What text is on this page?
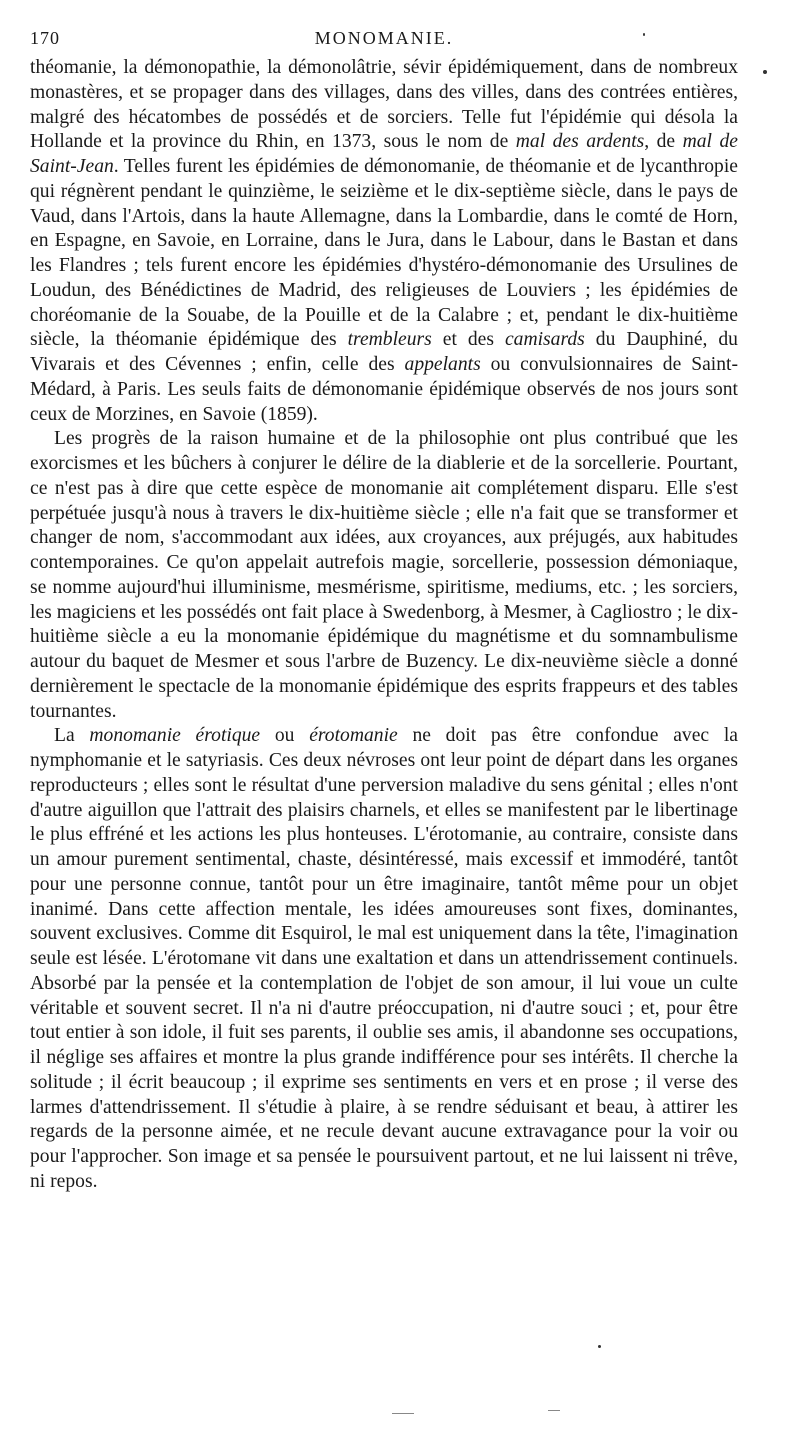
170	MONOMANIE.

théomanie, la démonopathie, la démonolâtrie, sévir épidémiquement, dans de nombreux monastères, et se propager dans des villages, dans des villes, dans des contrées entières, malgré des hécatombes de possédés et de sorciers. Telle fut l'épidémie qui désola la Hollande et la province du Rhin, en 1373, sous le nom de mal des ardents, de mal de Saint-Jean. Telles furent les épidémies de démonomanie, de théomanie et de lycanthropie qui régnèrent pendant le quinzième, le seizième et le dix-septième siècle, dans le pays de Vaud, dans l'Artois, dans la haute Allemagne, dans la Lombardie, dans le comté de Horn, en Espagne, en Savoie, en Lorraine, dans le Jura, dans le Labour, dans le Bastan et dans les Flandres ; tels furent encore les épidémies d'hystéro-démonomanie des Ursulines de Loudun, des Bénédictines de Madrid, des religieuses de Louviers ; les épidémies de choréomanie de la Souabe, de la Pouille et de la Calabre ; et, pendant le dix-huitième siècle, la théomanie épidémique des trembleurs et des camisards du Dauphiné, du Vivarais et des Cévennes ; enfin, celle des appelants ou convulsionnaires de Saint-Médard, à Paris. Les seuls faits de démonomanie épidémique observés de nos jours sont ceux de Morzines, en Savoie (1859).

Les progrès de la raison humaine et de la philosophie ont plus contribué que les exorcismes et les bûchers à conjurer le délire de la diablerie et de la sorcellerie. Pourtant, ce n'est pas à dire que cette espèce de monomanie ait complétement disparu. Elle s'est perpétuée jusqu'à nous à travers le dix-huitième siècle ; elle n'a fait que se transformer et changer de nom, s'accommodant aux idées, aux croyances, aux préjugés, aux habitudes contemporaines. Ce qu'on appelait autrefois magie, sorcellerie, possession démoniaque, se nomme aujourd'hui illuminisme, mesmérisme, spiritisme, mediums, etc. ; les sorciers, les magiciens et les possédés ont fait place à Swedenborg, à Mesmer, à Cagliostro ; le dix-huitième siècle a eu la monomanie épidémique du magnétisme et du somnambulisme autour du baquet de Mesmer et sous l'arbre de Buzency. Le dix-neuvième siècle a donné dernièrement le spectacle de la monomanie épidémique des esprits frappeurs et des tables tournantes.

La monomanie érotique ou érotomanie ne doit pas être confondue avec la nymphomanie et le satyriasis. Ces deux névroses ont leur point de départ dans les organes reproducteurs ; elles sont le résultat d'une perversion maladive du sens génital ; elles n'ont d'autre aiguillon que l'attrait des plaisirs charnels, et elles se manifestent par le libertinage le plus effréné et les actions les plus honteuses. L'érotomanie, au contraire, consiste dans un amour purement sentimental, chaste, désintéressé, mais excessif et immodéré, tantôt pour une personne connue, tantôt pour un être imaginaire, tantôt même pour un objet inanimé. Dans cette affection mentale, les idées amoureuses sont fixes, dominantes, souvent exclusives. Comme dit Esquirol, le mal est uniquement dans la tête, l'imagination seule est lésée. L'érotomane vit dans une exaltation et dans un attendrissement continuels. Absorbé par la pensée et la contemplation de l'objet de son amour, il lui voue un culte véritable et souvent secret. Il n'a ni d'autre préoccupation, ni d'autre souci ; et, pour être tout entier à son idole, il fuit ses parents, il oublie ses amis, il abandonne ses occupations, il néglige ses affaires et montre la plus grande indifférence pour ses intérêts. Il cherche la solitude ; il écrit beaucoup ; il exprime ses sentiments en vers et en prose ; il verse des larmes d'attendrissement. Il s'étudie à plaire, à se rendre séduisant et beau, à attirer les regards de la personne aimée, et ne recule devant aucune extravagance pour la voir ou pour l'approcher. Son image et sa pensée le poursuivent partout, et ne lui laissent ni trêve, ni repos.
